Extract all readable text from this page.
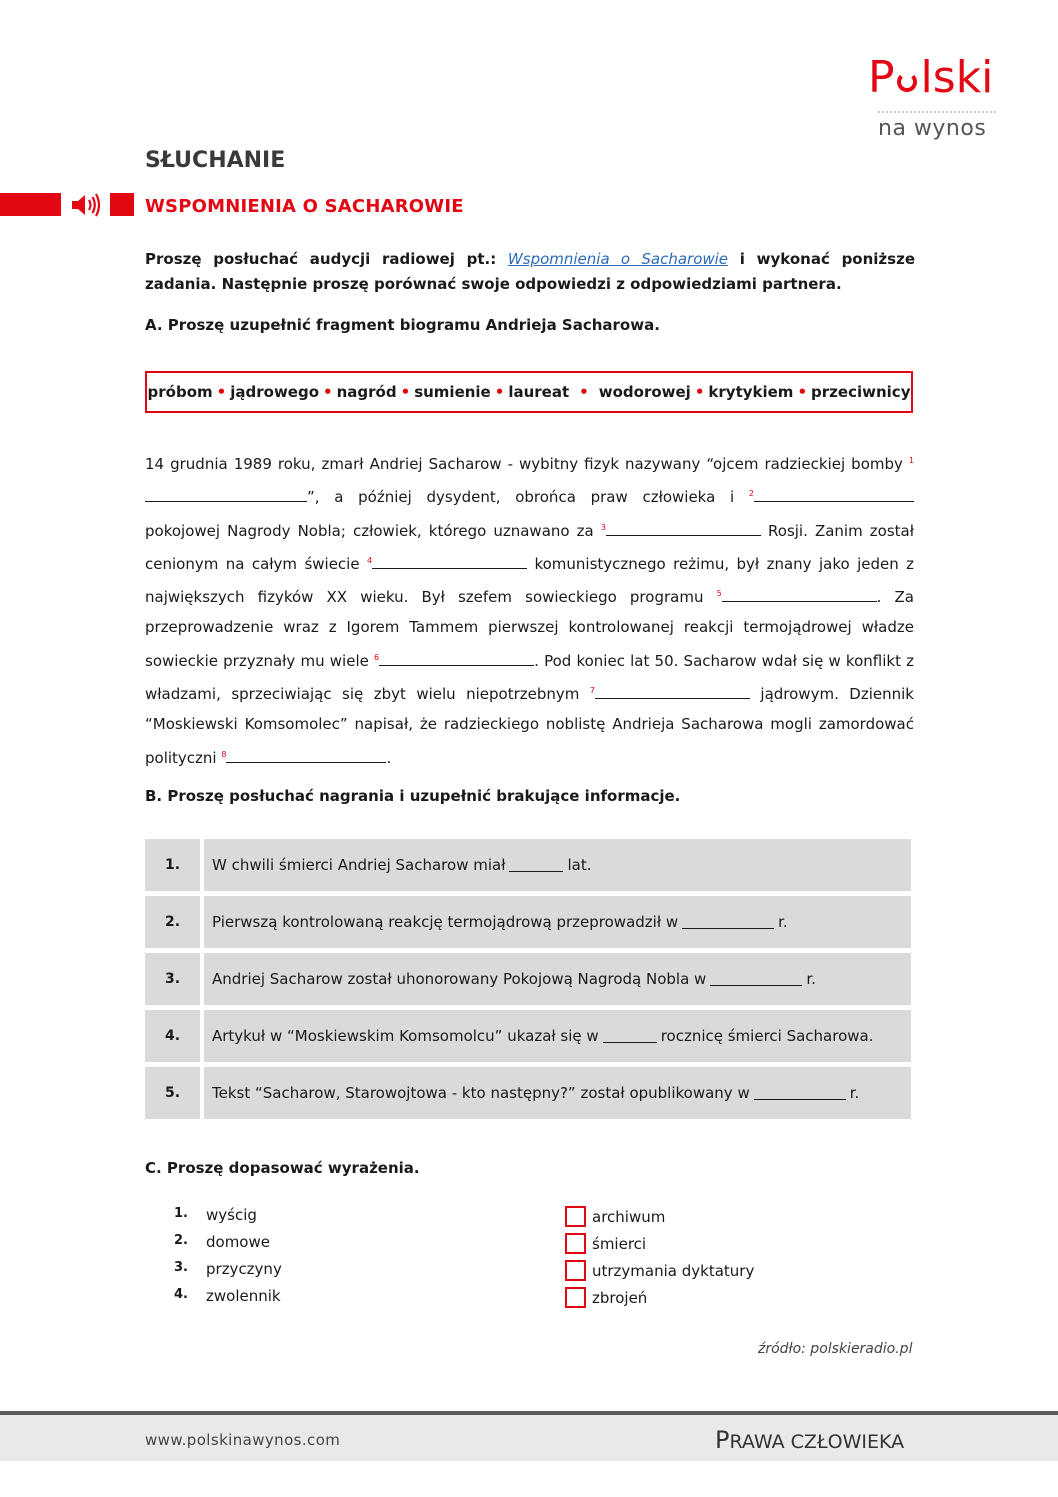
P lski
na wynos
SŁUCHANIE
WSPOMNIENIA O SACHAROWIE
Proszę posłuchać audycji radiowej pt.: Wspomnienia o Sacharowie i wykonać poniższe zadania. Następnie proszę porównać swoje odpowiedzi z odpowiedziami partnera.
A. Proszę uzupełnić fragment biogramu Andrieja Sacharowa.
próbom • jądrowego • nagród • sumienie • laureat • wodorowej • krytykiem • przeciwnicy
14 grudnia 1989 roku, zmarł Andriej Sacharow - wybitny fizyk nazywany “ojcem radzieckiej bomby $^1$”, a później dysydent, obrońca praw człowieka i $^2$ pokojowej Nagrody Nobla; człowiek, którego uznawano za $^3$	Rosji. Zanim został cenionym na całym świecie $^4$	komunistycznego reżimu, był znany jako jeden z największych fizyków XX wieku. Był szefem sowieckiego programu $^5$	. Za przeprowadzenie wraz z Igorem Tammem pierwszej kontrolowanej reakcji termojądrowej władze sowieckie przyznały mu wiele $^6$	. Pod koniec lat 50. Sacharow wdał się w konflikt z władzami, sprzeciwiając się zbyt wielu niepotrzebnym $^7$	jądrowym. Dziennik “Moskiewski Komsomolec” napisał, że radzieckiego noblistę Andrieja Sacharowa mogli zamordować polityczni $^8$	.
B. Proszę posłuchać nagrania i uzupełnić brakujące informacje.
1.	W chwili śmierci Andriej Sacharow miał	lat.
2.	Pierwszą kontrolowaną reakcję termojądrową przeprowadził w	r.
3.	Andriej Sacharow został uhonorowany Pokojową Nagrodą Nobla w	r.
4.	Artykuł w “Moskiewskim Komsomolcu” ukazał się w	rocznicę śmierci Sacharowa.
5.	Tekst “Sacharow, Starowojtowa - kto następny?” został opublikowany w	r.
C. Proszę dopasować wyrażenia.
1.	wyścig
2.	domowe
3.	przyczyny
4.	zwolennik
archiwum
śmierci
utrzymania dyktatury
zbrojeń
źródło: polskieradio.pl
www.polskinawynos.com	PRAWA CZŁOWIEKA
